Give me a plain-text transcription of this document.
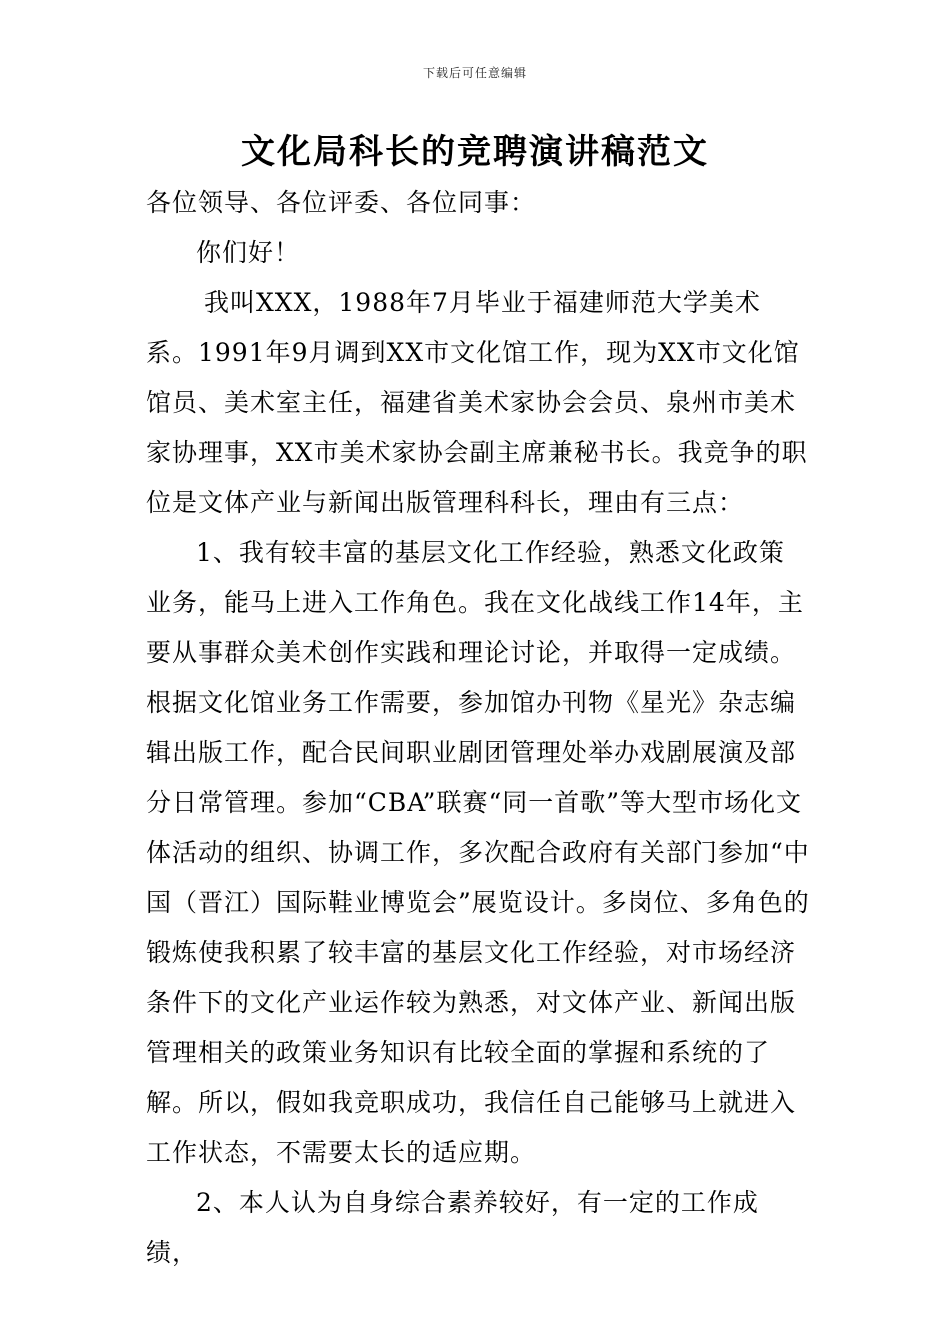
下载后可任意编辑
文化局科长的竞聘演讲稿范文

各位领导、各位评委、各位同事：

你们好！

我叫XXX，1988年7月毕业于福建师范大学美术系。1991年9月调到XX市文化馆工作，现为XX市文化馆馆员、美术室主任，福建省美术家协会会员、泉州市美术家协理事，XX市美术家协会副主席兼秘书长。我竞争的职位是文体产业与新闻出版管理科科长，理由有三点：

1、我有较丰富的基层文化工作经验，熟悉文化政策业务，能马上进入工作角色。我在文化战线工作14年，主要从事群众美术创作实践和理论讨论，并取得一定成绩。根据文化馆业务工作需要，参加馆办刊物《星光》杂志编辑出版工作，配合民间职业剧团管理处举办戏剧展演及部分日常管理。参加“CBA”联赛“同一首歌”等大型市场化文体活动的组织、协调工作，多次配合政府有关部门参加“中国（晋江）国际鞋业博览会”展览设计。多岗位、多角色的锻炼使我积累了较丰富的基层文化工作经验，对市场经济条件下的文化产业运作较为熟悉，对文体产业、新闻出版管理相关的政策业务知识有比较全面的掌握和系统的了解。所以，假如我竞职成功，我信任自己能够马上就进入工作状态，不需要太长的适应期。

2、本人认为自身综合素养较好，有一定的工作成绩，
